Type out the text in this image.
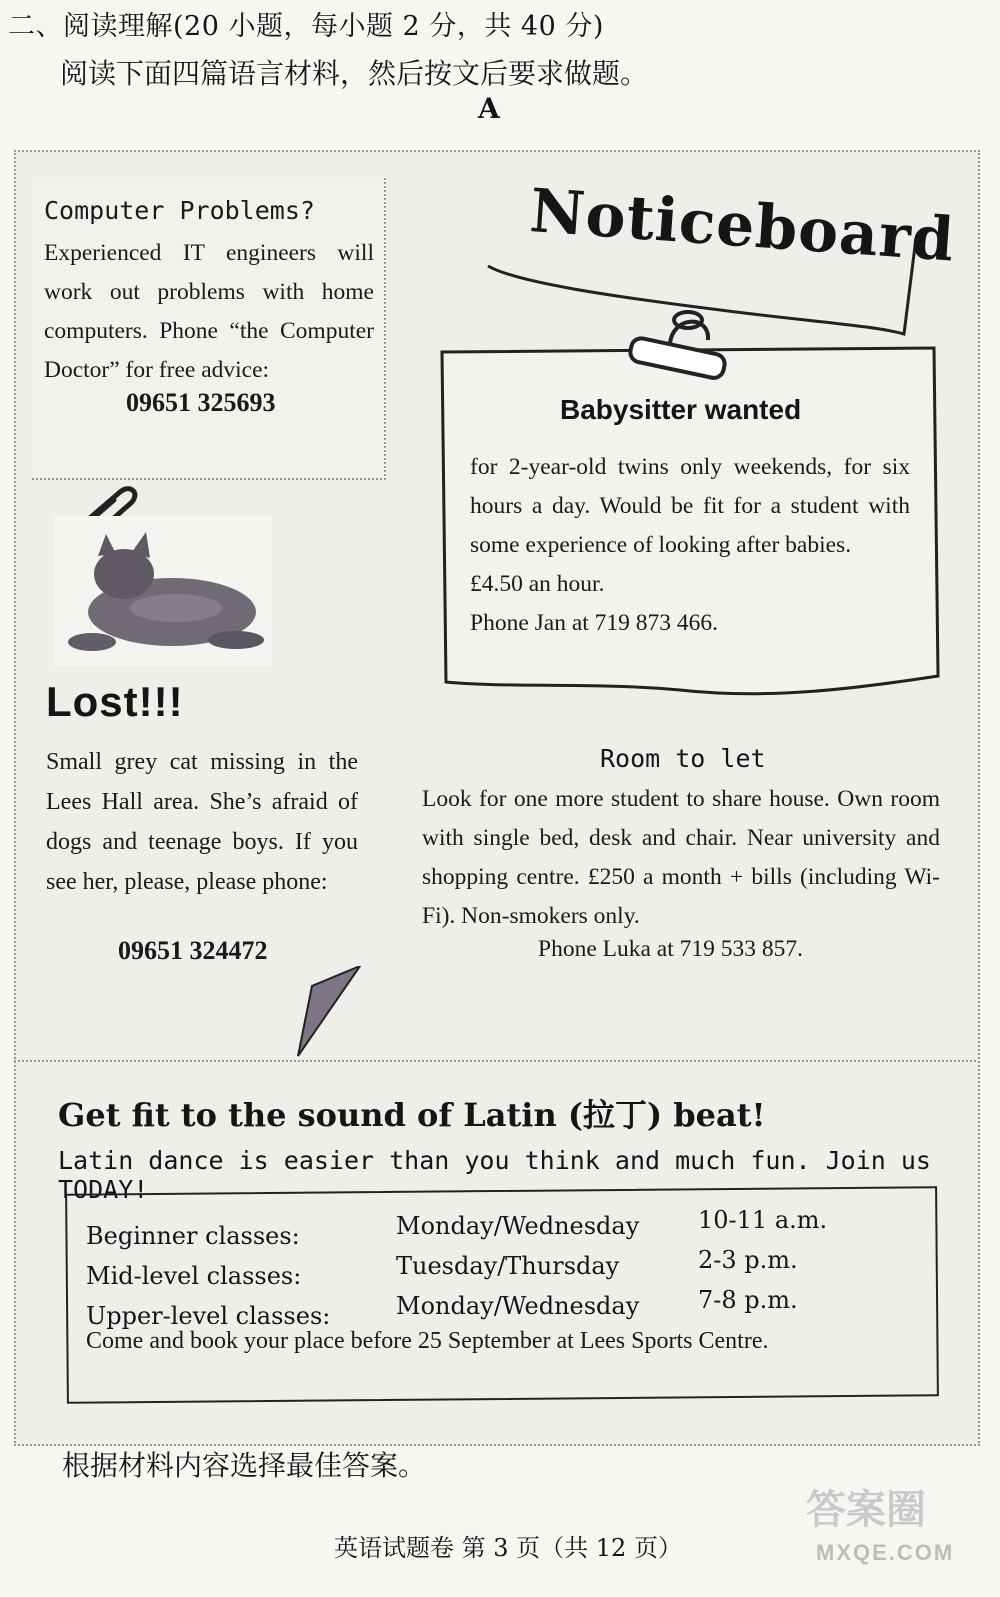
二、阅读理解(20 小题，每小题 2 分，共 40 分)
阅读下面四篇语言材料，然后按文后要求做题。
A
Computer Problems?
Experienced IT engineers will work out problems with home computers. Phone “the Computer Doctor” for free advice:
09651 325693
Lost!!!
Small grey cat missing in the Lees Hall area. She’s afraid of dogs and teenage boys. If you see her, please, please phone:
09651 324472
Noticeboard
Babysitter wanted
for 2-year-old twins only weekends, for six hours a day. Would be fit for a student with some experience of looking after babies.
£4.50 an hour.
Phone Jan at 719 873 466.
Room to let
Look for one more student to share house. Own room with single bed, desk and chair. Near university and shopping centre. £250 a month + bills (including Wi-Fi). Non-smokers only.
Phone Luka at 719 533 857.
Get fit to the sound of Latin (拉丁) beat!
Latin dance is easier than you think and much fun. Join us TODAY!
Beginner classes:	Monday/Wednesday 10-11 a.m.
Mid-level classes:	Tuesday/Thursday	2-3 p.m.
Upper-level classes:	Monday/Wednesday 7-8 p.m.
Come and book your place before 25 September at Lees Sports Centre.
根据材料内容选择最佳答案。
英语试题卷 第 3 页（共 12 页）
答案圈
MXQE.COM
